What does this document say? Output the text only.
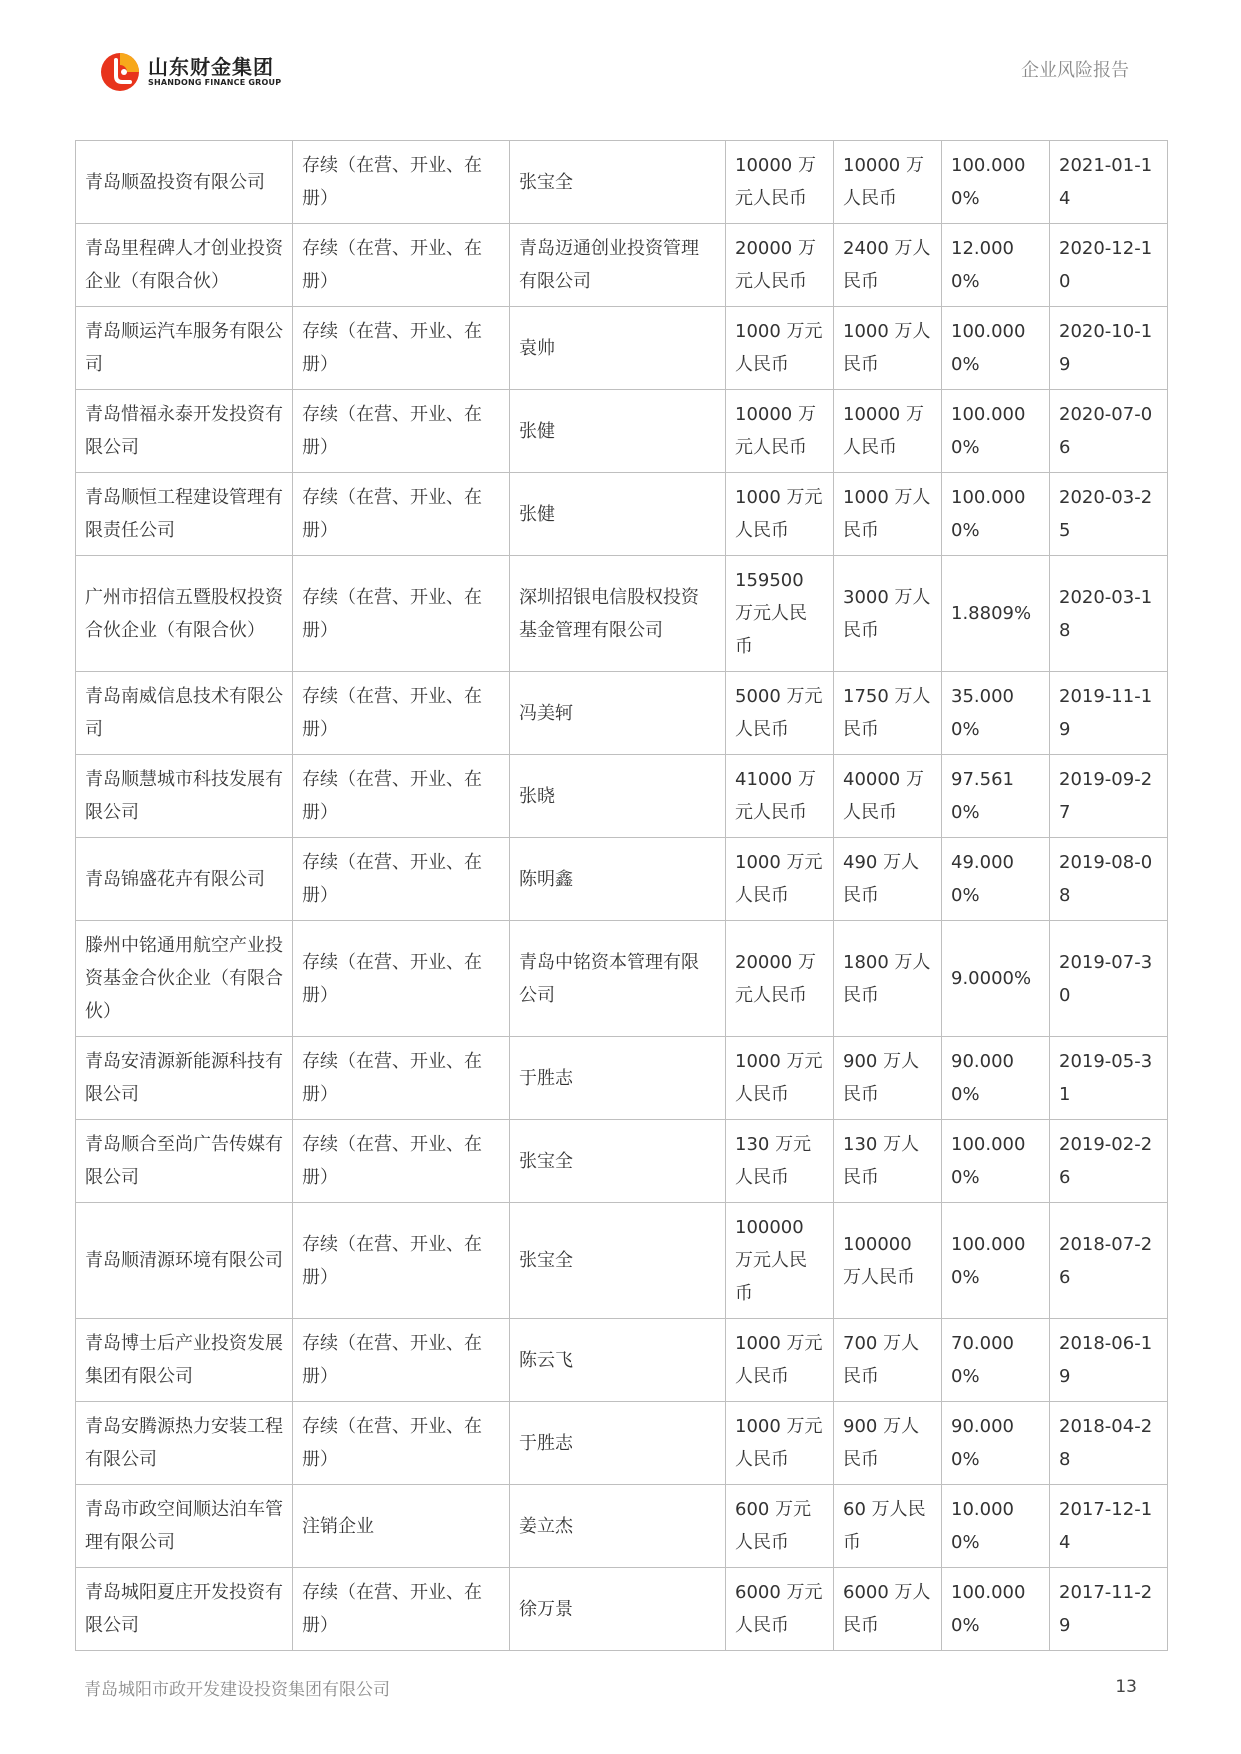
山东财金集团
SHANDONG FINANCE GROUP
企业风险报告
青岛顺盈投资有限公司	存续（在营、开业、在册）	张宝全	10000 万元人民币	10000 万人民币	100.0000%	2021-01-14
青岛里程碑人才创业投资企业（有限合伙）	存续（在营、开业、在册）	青岛迈通创业投资管理有限公司	20000 万元人民币	2400 万人民币	12.0000%	2020-12-10
青岛顺运汽车服务有限公司	存续（在营、开业、在册）	袁帅	1000 万元人民币	1000 万人民币	100.0000%	2020-10-19
青岛惜福永泰开发投资有限公司	存续（在营、开业、在册）	张健	10000 万元人民币	10000 万人民币	100.0000%	2020-07-06
青岛顺恒工程建设管理有限责任公司	存续（在营、开业、在册）	张健	1000 万元人民币	1000 万人民币	100.0000%	2020-03-25
广州市招信五暨股权投资合伙企业（有限合伙）	存续（在营、开业、在册）	深圳招银电信股权投资基金管理有限公司	159500 万元人民币	3000 万人民币	1.8809%	2020-03-18
青岛南威信息技术有限公司	存续（在营、开业、在册）	冯美轲	5000 万元人民币	1750 万人民币	35.0000%	2019-11-19
青岛顺慧城市科技发展有限公司	存续（在营、开业、在册）	张晓	41000 万元人民币	40000 万人民币	97.5610%	2019-09-27
青岛锦盛花卉有限公司	存续（在营、开业、在册）	陈明鑫	1000 万元人民币	490 万人民币	49.0000%	2019-08-08
滕州中铭通用航空产业投资基金合伙企业（有限合伙）	存续（在营、开业、在册）	青岛中铭资本管理有限公司	20000 万元人民币	1800 万人民币	9.0000%	2019-07-30
青岛安清源新能源科技有限公司	存续（在营、开业、在册）	于胜志	1000 万元人民币	900 万人民币	90.0000%	2019-05-31
青岛顺合至尚广告传媒有限公司	存续（在营、开业、在册）	张宝全	130 万元人民币	130 万人民币	100.0000%	2019-02-26
青岛顺清源环境有限公司	存续（在营、开业、在册）	张宝全	100000 万元人民币	100000 万人民币	100.0000%	2018-07-26
青岛博士后产业投资发展集团有限公司	存续（在营、开业、在册）	陈云飞	1000 万元人民币	700 万人民币	70.0000%	2018-06-19
青岛安腾源热力安装工程有限公司	存续（在营、开业、在册）	于胜志	1000 万元人民币	900 万人民币	90.0000%	2018-04-28
青岛市政空间顺达泊车管理有限公司	注销企业	姜立杰	600 万元人民币	60 万人民币	10.0000%	2017-12-14
青岛城阳夏庄开发投资有限公司	存续（在营、开业、在册）	徐万景	6000 万元人民币	6000 万人民币	100.0000%	2017-11-29
青岛城阳市政开发建设投资集团有限公司	13
